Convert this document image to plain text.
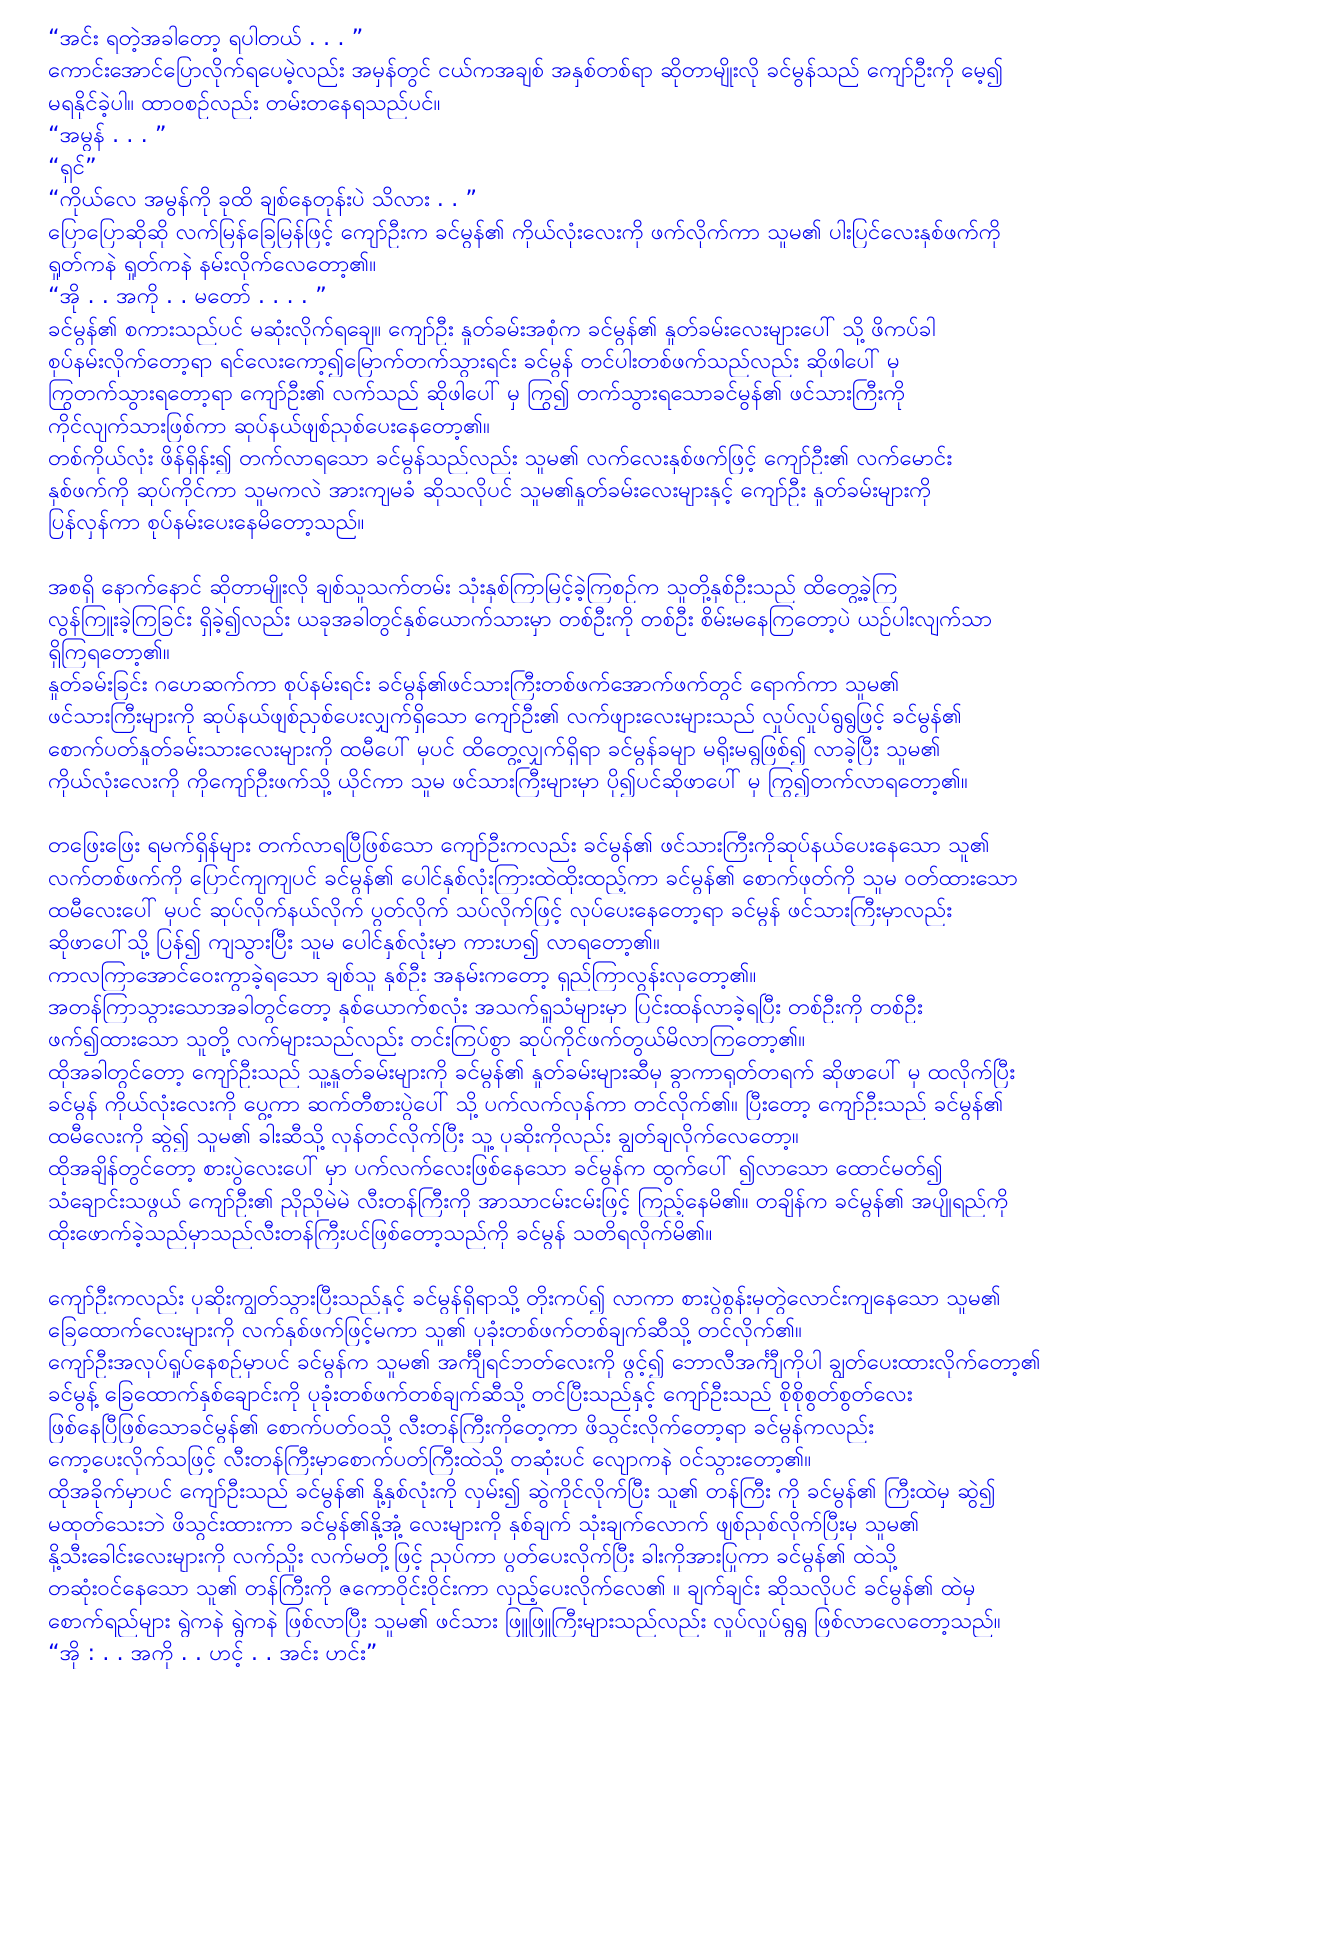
“အင်း ရတဲ့အခါတော့ ရပါတယ် . . . ”
ကောင်းအောင်ပြောလိုက်ရပေမဲ့လည်း အမှန်တွင် ငယ်ကအချစ် အနှစ်တစ်ရာ ဆိုတာမျိုးလို ခင်မွန်သည် ကျော်ဦးကို မေ့၍
မရနိုင်ခဲ့ပါ။ ထာဝစဉ်လည်း တမ်းတနေရသည်ပင်။
“အမွန် . . . ”
“ရှင်”
“ကိုယ်လေ အမွန်ကို ခုထိ ချစ်နေတုန်းပဲ သိလား . . ”
ပြောပြောဆိုဆို လက်မြန်ခြေမြန်ဖြင့် ကျော်ဦးက ခင်မွန်၏ ကိုယ်လုံးလေးကို ဖက်လိုက်ကာ သူမ၏ ပါးပြင်လေးနှစ်ဖက်ကို
ရှုတ်ကနဲ ရှုတ်ကနဲ နမ်းလိုက်လေတော့၏။
“အို . . အကို . . မတော် . . . . ”
ခင်မွန်၏ စကားသည်ပင် မဆုံးလိုက်ရချေ။ ကျော်ဦး နှုတ်ခမ်းအစုံက ခင်မွန်၏ နှုတ်ခမ်းလေးများပေါ် သို့ ဖိကပ်ခါ
စုပ်နမ်းလိုက်တော့ရာ ရင်လေးကော့၍မြောက်တက်သွားရင်း ခင်မွန် တင်ပါးတစ်ဖက်သည်လည်း ဆိုဖါပေါ် မှ
ကြွတက်သွားရတော့ရာ ကျော်ဦး၏ လက်သည် ဆိုဖါပေါ် မှ ကြွ၍ တက်သွားရသောခင်မွန်၏ ဖင်သားကြီးကို
ကိုင်လျက်သားဖြစ်ကာ ဆုပ်နယ်ဖျစ်ညှစ်ပေးနေတော့၏။
တစ်ကိုယ်လုံး ဖိန်ရှိန်း၍ တက်လာရသော ခင်မွန်သည်လည်း သူမ၏ လက်လေးနှစ်ဖက်ဖြင့် ကျော်ဦး၏ လက်မောင်း
နှစ်ဖက်ကို ဆုပ်ကိုင်ကာ သူမကလဲ အားကျမခံ ဆိုသလိုပင် သူမ၏နှုတ်ခမ်းလေးများနှင့် ကျော်ဦး နှုတ်ခမ်းများကို
ပြန်လှန်ကာ စုပ်နမ်းပေးနေမိတော့သည်။
အစရှိ နောက်နောင် ဆိုတာမျိုးလို ချစ်သူသက်တမ်း သုံးနှစ်ကြာမြင့်ခဲ့ကြစဉ်က သူတို့နှစ်ဦးသည် ထိတွေ့ခဲ့ကြ
လွန်ကြူးခဲ့ကြခြင်း ရှိခဲ့၍လည်း ယခုအခါတွင်နှစ်ယောက်သားမှာ တစ်ဦးကို တစ်ဦး စိမ်းမနေကြတော့ပဲ ယဉ်ပါးလျက်သာ
ရှိကြရတော့၏။
နှုတ်ခမ်းခြင်း ဂဟေဆက်ကာ စုပ်နမ်းရင်း ခင်မွန်၏ဖင်သားကြီးတစ်ဖက်အောက်ဖက်တွင် ရောက်ကာ သူမ၏
ဖင်သားကြီးများကို ဆုပ်နယ်ဖျစ်ညှစ်ပေးလျှက်ရှိသော ကျော်ဦး၏ လက်ဖျားလေးများသည် လှုပ်လှုပ်ရွရွဖြင့် ခင်မွန်၏
စောက်ပတ်နှုတ်ခမ်းသားလေးများကို ထမီပေါ် မှပင် ထိတွေ့လျှက်ရှိရာ ခင်မွန်ခမျာ မရိုးမရွဖြစ်၍ လာခဲ့ပြီး သူမ၏
ကိုယ်လုံးလေးကို ကိုကျော်ဦးဖက်သို့ ယိုင်ကာ သူမ ဖင်သားကြီးများမှာ ပို၍ပင်ဆိုဖာပေါ် မှ ကြွ၍တက်လာရတော့၏။
တဖြေးဖြေး ရမက်ရှိန်များ တက်လာရပြီဖြစ်သော ကျော်ဦးကလည်း ခင်မွန်၏ ဖင်သားကြီးကိုဆုပ်နယ်ပေးနေသော သူ၏
လက်တစ်ဖက်ကို ပြောင်ကျကျပင် ခင်မွန်၏ ပေါင်နှစ်လုံးကြားထဲထိုးထည့်ကာ ခင်မွန်၏ စောက်ဖုတ်ကို သူမ ဝတ်ထားသော
ထမီလေးပေါ် မှပင် ဆုပ်လိုက်နယ်လိုက် ပွတ်လိုက် သပ်လိုက်ဖြင့် လုပ်ပေးနေတော့ရာ ခင်မွန် ဖင်သားကြီးမှာလည်း
ဆိုဖာပေါ်သို့ ပြန်၍ ကျသွားပြီး သူမ ပေါင်နှစ်လုံးမှာ ကားဟ၍ လာရတော့၏။
ကာလကြာအောင်ဝေးကွာခဲ့ရသော ချစ်သူ နှစ်ဦး အနမ်းကတော့ ရှည်ကြာလွန်းလှတော့၏။
အတန်ကြာသွားသောအခါတွင်တော့ နှစ်ယောက်စလုံး အသက်ရှူသံများမှာ ပြင်းထန်လာခဲ့ရပြီး တစ်ဦးကို တစ်ဦး
ဖက်၍ထားသော သူတို့ လက်များသည်လည်း တင်းကြပ်စွာ ဆုပ်ကိုင်ဖက်တွယ်မိလာကြတော့၏။
ထိုအခါတွင်တော့ ကျော်ဦးသည် သူ့နှုတ်ခမ်းများကို ခင်မွန်၏ နှုတ်ခမ်းများဆီမှ ခွာကာရုတ်တရက် ဆိုဖာပေါ် မှ ထလိုက်ပြီး
ခင်မွန် ကိုယ်လုံးလေးကို ပွေ့ကာ ဆက်တီစားပွဲပေါ် သို့ ပက်လက်လှန်ကာ တင်လိုက်၏။ ပြီးတော့ ကျော်ဦးသည် ခင်မွန်၏
ထမီလေးကို ဆွဲ၍ သူမ၏ ခါးဆီသို့ လှန်တင်လိုက်ပြီး သူ့ ပုဆိုးကိုလည်း ချွတ်ချလိုက်လေတော့။
ထိုအချိန်တွင်တော့ စားပွဲလေးပေါ် မှာ ပက်လက်လေးဖြစ်နေသော ခင်မွန်က ထွက်ပေါ် ၍လာသော ထောင်မတ်၍
သံချောင်းသဖွယ် ကျော်ဦး၏ ညိုညိုမဲမဲ လီးတန်ကြီးကို အာသာငမ်းငမ်းဖြင့် ကြည့်နေမိ၏။ တချိန်က ခင်မွန်၏ အပျိုရည်ကို
ထိုးဖောက်ခဲ့သည်မှာသည်လီးတန်ကြီးပင်ဖြစ်တော့သည်ကို ခင်မွန် သတိရလိုက်မိ၏။
ကျော်ဦးကလည်း ပုဆိုးကျွတ်သွားပြီးသည်နှင့် ခင်မွန်ရှိရာသို့ တိုးကပ်၍ လာကာ စားပွဲစွန်းမှတွဲလောင်းကျနေသော သူမ၏
ခြေထောက်လေးများကို လက်နှစ်ဖက်ဖြင့်မကာ သူ၏ ပုခုံးတစ်ဖက်တစ်ချက်ဆီသို့ တင်လိုက်၏။
ကျော်ဦးအလုပ်ရှုပ်နေစဉ်မှာပင် ခင်မွန်က သူမ၏ အင်္ကျီရင်ဘတ်လေးကို ဖွင့်၍ ဘောလီအင်္ကျီကိုပါ ချွတ်ပေးထားလိုက်တော့၏
ခင်မွန့် ခြေထောက်နှစ်ချောင်းကို ပုခုံးတစ်ဖက်တစ်ချက်ဆီသို့ တင်ပြီးသည်နှင့် ကျော်ဦးသည် စိုစိုစွတ်စွတ်လေး
ဖြစ်နေပြီဖြစ်သောခင်မွန်၏ စောက်ပတ်ဝသို့ လီးတန်ကြီးကိုတေ့ကာ ဖိသွင်းလိုက်တော့ရာ ခင်မွန်ကလည်း
ကော့ပေးလိုက်သဖြင့် လီးတန်ကြီးမှာစောက်ပတ်ကြီးထဲသို့ တဆုံးပင် လျောကနဲ ဝင်သွားတော့၏။
ထိုအခိုက်မှာပင် ကျော်ဦးသည် ခင်မွန်၏ နို့နှစ်လုံးကို လှမ်း၍ ဆွဲကိုင်လိုက်ပြီး သူ၏ တန်ကြီး ကို ခင်မွန်၏ ကြီးထဲမှ ဆွဲ၍
မထုတ်သေးဘဲ ဖိသွင်းထားကာ ခင်မွန်၏နို့အုံ့ လေးများကို နှစ်ချက် သုံးချက်လောက် ဖျစ်ညှစ်လိုက်ပြီးမှ သူမ၏
နို့သီးခေါင်းလေးများကို လက်ညှိုး လက်မတို့ဖြင့် ညှပ်ကာ ပွတ်ပေးလိုက်ပြီး ခါးကိုအားပြုကာ ခင်မွန်၏ ထဲသို့
တဆုံးဝင်နေသော သူ၏ တန်ကြီးကို ဇကောဝိုင်းဝိုင်းကာ လှည့်ပေးလိုက်လေ၏ ။ ချက်ချင်း ဆိုသလိုပင် ခင်မွန်၏ ထဲမှ
စောက်ရည်များ ရွဲကနဲ ရွဲကနဲ ဖြစ်လာပြီး သူမ၏ ဖင်သား ဖြူဖြူကြီးများသည်လည်း လှုပ်လှုပ်ရွရွ ဖြစ်လာလေတော့သည်။
“အို : . . အကို . . ဟင့် . . အင်း ဟင်း”
